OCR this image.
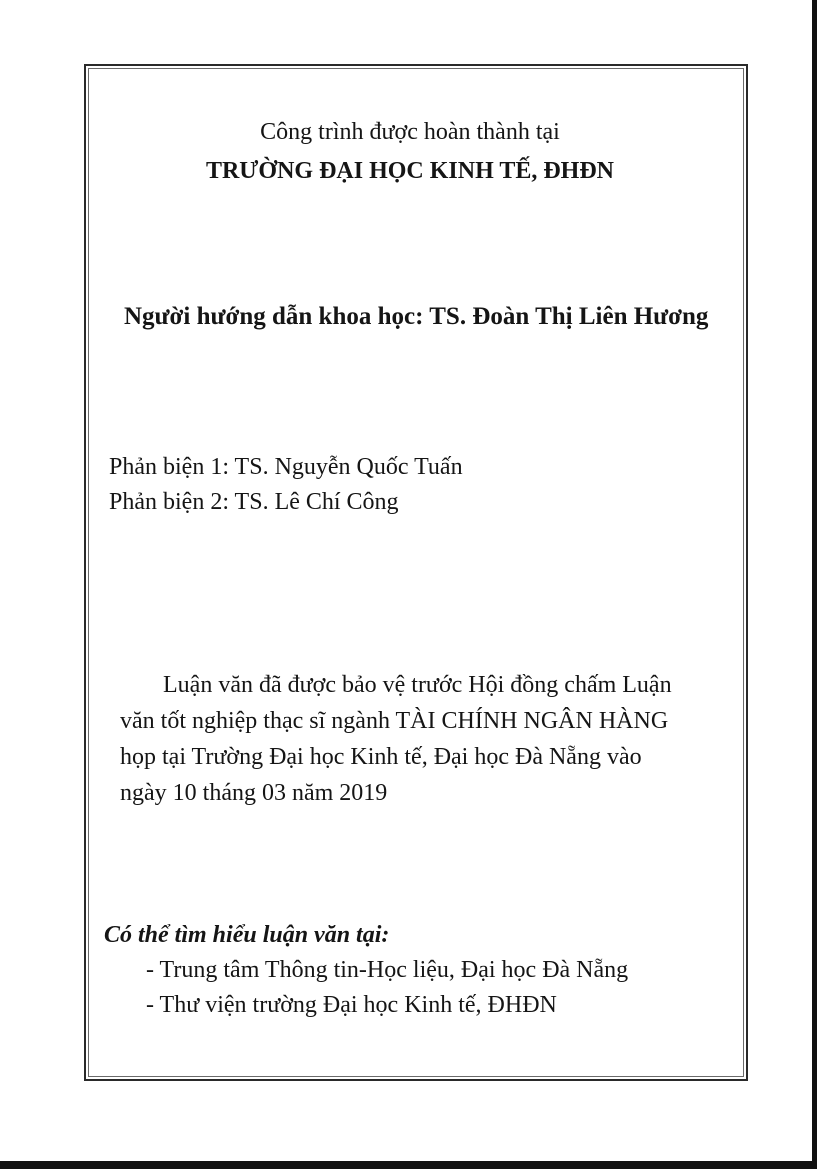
Công trình được hoàn thành tại
TRƯỜNG ĐẠI HỌC KINH TẾ, ĐHĐN
Người hướng dẫn khoa học: TS. Đoàn Thị Liên Hương
Phản biện 1: TS. Nguyễn Quốc Tuấn
Phản biện 2: TS. Lê Chí Công
Luận văn đã được bảo vệ trước Hội đồng chấm Luận
văn tốt nghiệp thạc sĩ ngành TÀI CHÍNH NGÂN HÀNG
họp tại Trường Đại học Kinh tế, Đại học Đà Nẵng vào
ngày 10 tháng 03 năm 2019
Có thể tìm hiểu luận văn tại:
- Trung tâm Thông tin-Học liệu, Đại học Đà Nẵng
- Thư viện trường Đại học Kinh tế, ĐHĐN
